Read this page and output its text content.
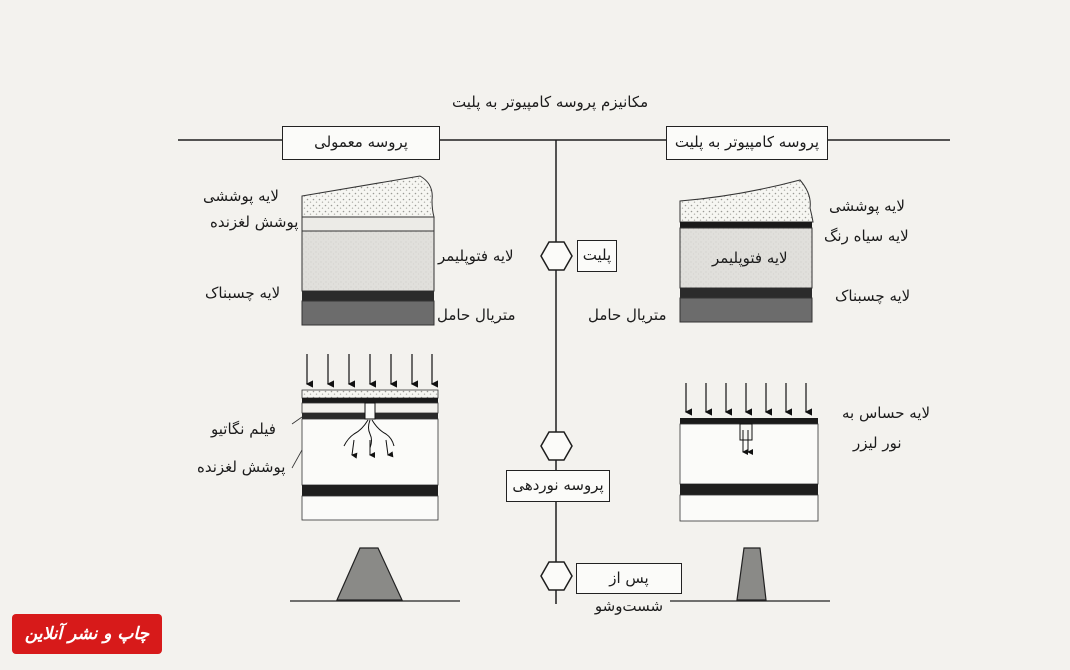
مکانیزم پروسه کامپیوتر به پلیت
پروسه معمولی	پروسه کامپیوتر به پلیت
پلیت
پروسه نوردهی
پس از شست‌وشو
لایه پوششی
پوشش لغزنده
لایه فتوپلیمر
لایه چسبناک
متریال حامل
فیلم نگاتیو
پوشش لغزنده
متریال حامل
لایه فتوپلیمر
لایه پوششی
لایه سیاه رنگ
لایه چسبناک
لایه حساس به
نور لیزر
چاپ و نشر آنلاین
